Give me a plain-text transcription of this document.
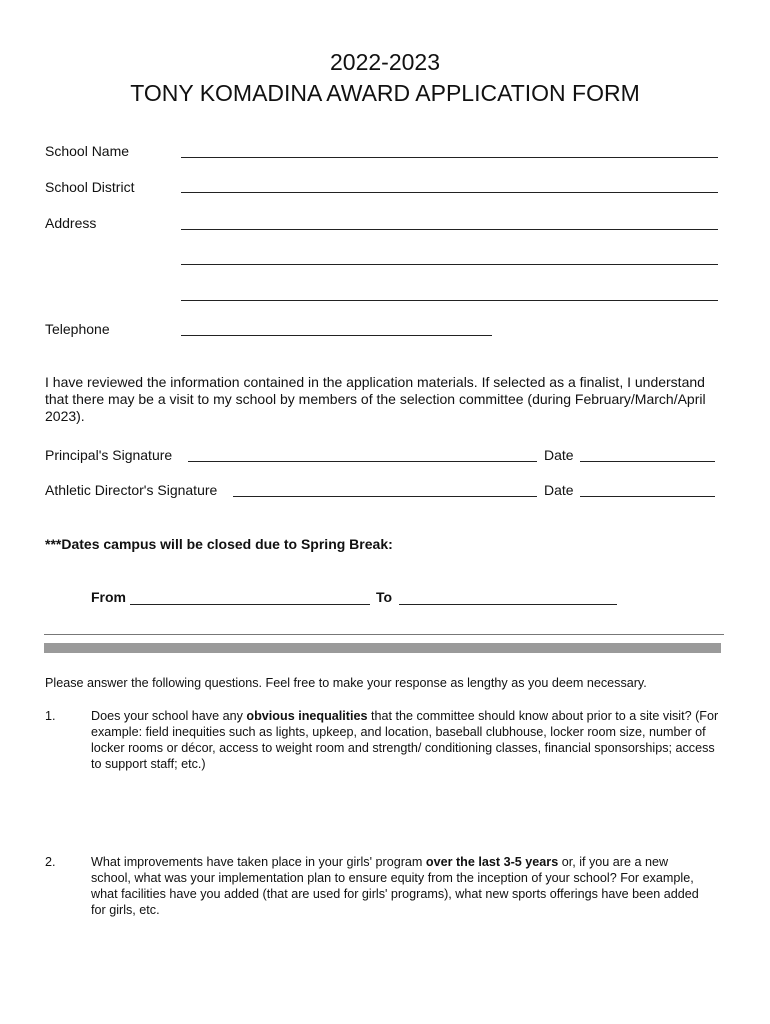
2022-2023
TONY KOMADINA AWARD APPLICATION FORM
School Name
School District
Address
Telephone
I have reviewed the information contained in the application materials. If selected as a finalist, I understand that there may be a visit to my school by members of the selection committee (during February/March/April 2023).
Principal's Signature	Date
Athletic Director's Signature	Date
***Dates campus will be closed due to Spring Break:
From	To
Please answer the following questions. Feel free to make your response as lengthy as you deem necessary.
1.	Does your school have any obvious inequalities that the committee should know about prior to a site visit? (For example: field inequities such as lights, upkeep, and location, baseball clubhouse, locker room size, number of locker rooms or décor, access to weight room and strength/ conditioning classes, financial sponsorships; access to support staff; etc.)
2.	What improvements have taken place in your girls' program over the last 3-5 years or, if you are a new school, what was your implementation plan to ensure equity from the inception of your school? For example, what facilities have you added (that are used for girls' programs), what new sports offerings have been added for girls, etc.
